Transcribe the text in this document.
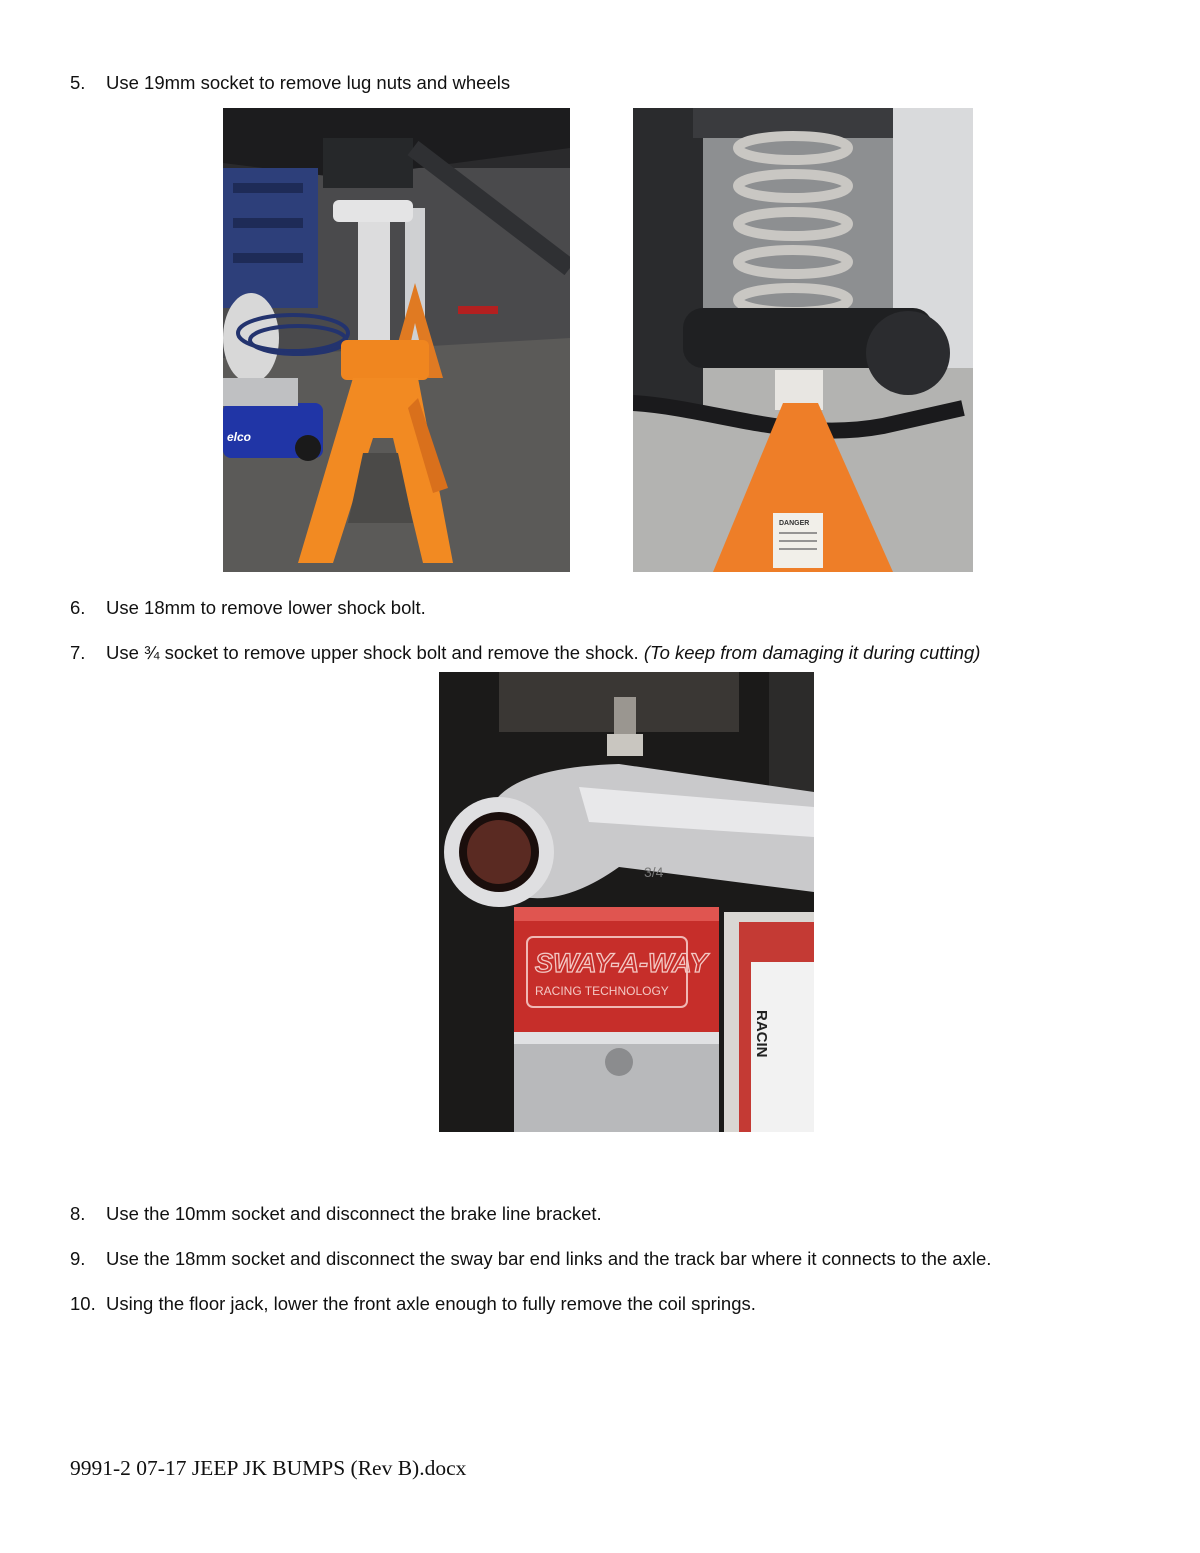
5. Use 19mm socket to remove lug nuts and wheels
elco
DANGER
6. Use 18mm to remove lower shock bolt.
7. Use ¾ socket to remove upper shock bolt and remove the shock. (To keep from damaging it during cutting)
SWAY-A-WAY
RACING TECHNOLOGY
RACIN
3/4
8. Use the 10mm socket and disconnect the brake line bracket.
9. Use the 18mm socket and disconnect the sway bar end links and the track bar where it connects to the axle.
10. Using the floor jack, lower the front axle enough to fully remove the coil springs.
9991-2 07-17 JEEP JK BUMPS (Rev B).docx
